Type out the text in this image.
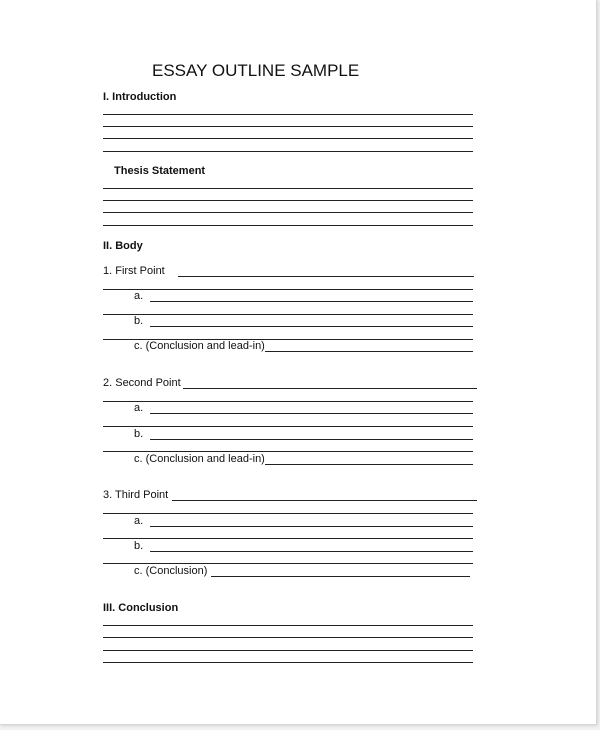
ESSAY OUTLINE SAMPLE
I. Introduction
Thesis Statement
II. Body
1. First Point
a.
b.
c. (Conclusion and lead-in)
2. Second Point
a.
b.
c. (Conclusion and lead-in)
3. Third Point
a.
b.
c. (Conclusion)
III. Conclusion
